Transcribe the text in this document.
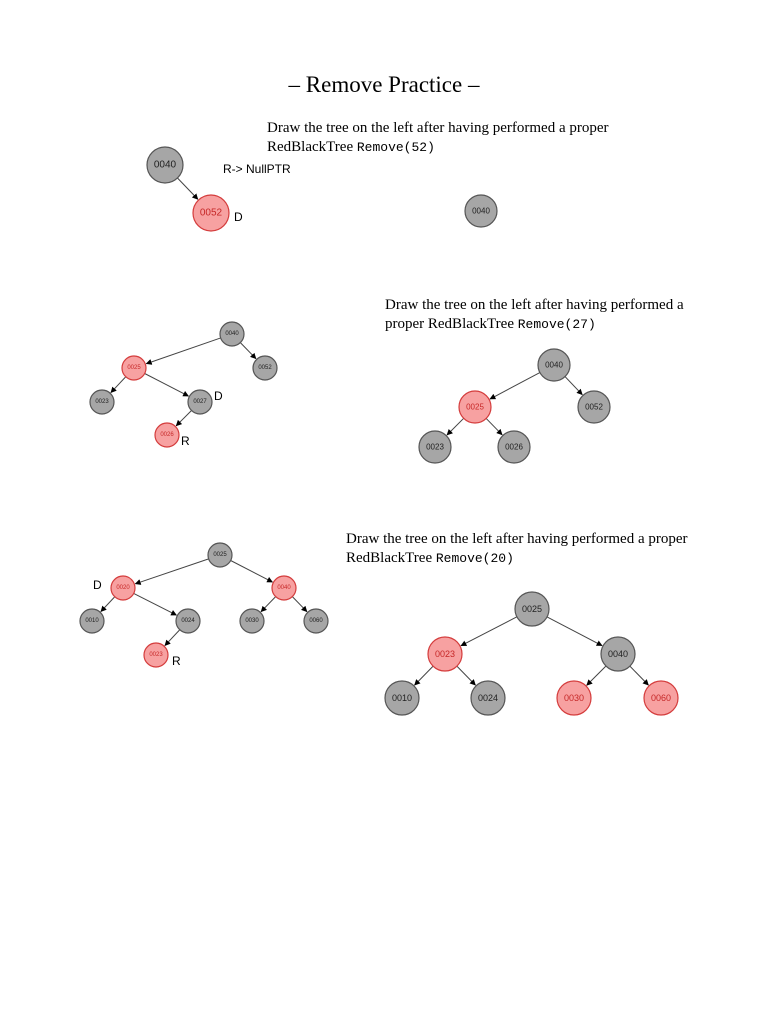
– Remove Practice –
Draw the tree on the left after having performed a proper RedBlackTree Remove(52)
0040
0052
R-> NullPTR
D	0040
Draw the tree on the left after having performed a proper RedBlackTree Remove(27)
0040
0025	0052
0023	0027
0026
D
R
0040
0025	0052
0023	0026
Draw the tree on the left after having performed a proper RedBlackTree Remove(20)
0025
0020	0040
0010	0024	0030	0060
0023
D
R
0025
0023	0040
0010	0024	0030	0060
